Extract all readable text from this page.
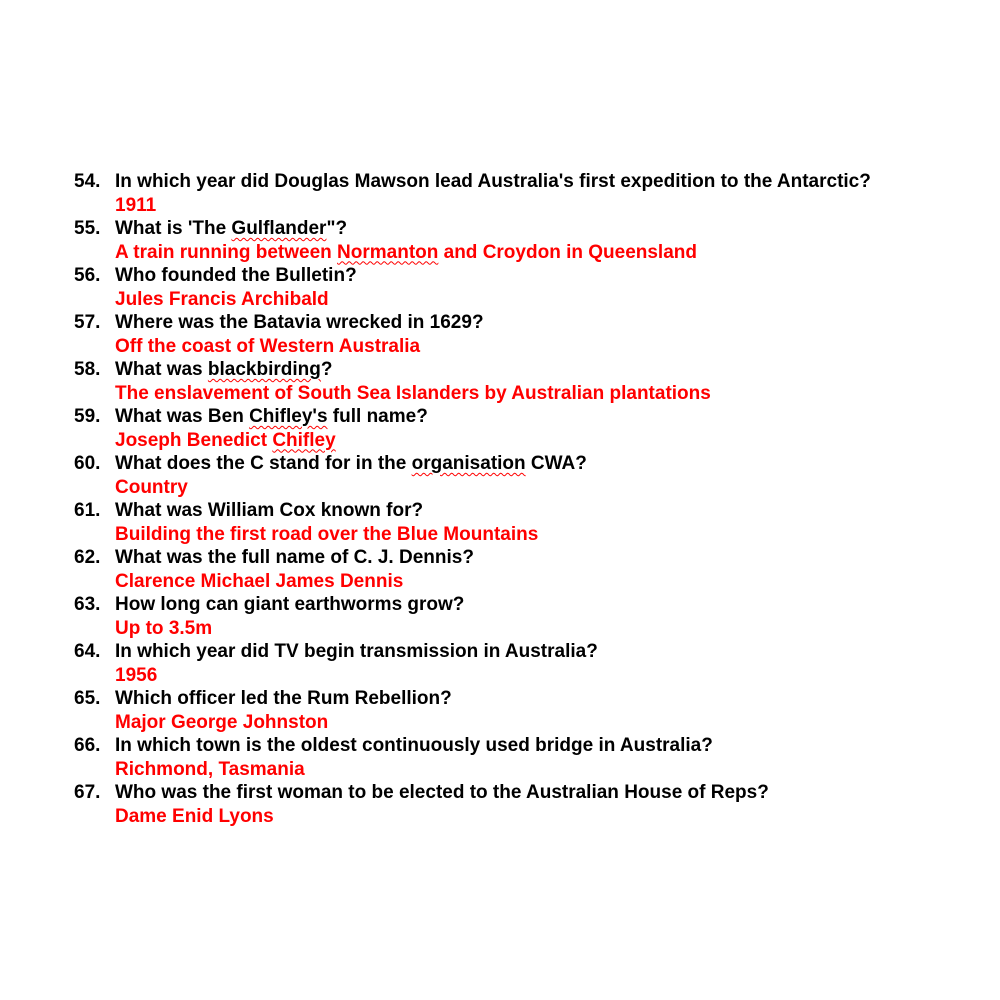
54. In which year did Douglas Mawson lead Australia's first expedition to the Antarctic?
1911
55. What is 'The Gulflander"?
A train running between Normanton and Croydon in Queensland
56. Who founded the Bulletin?
Jules Francis Archibald
57. Where was the Batavia wrecked in 1629?
Off the coast of Western Australia
58. What was blackbirding?
The enslavement of South Sea Islanders by Australian plantations
59. What was Ben Chifley's full name?
Joseph Benedict Chifley
60. What does the C stand for in the organisation CWA?
Country
61. What was William Cox known for?
Building the first road over the Blue Mountains
62. What was the full name of C. J. Dennis?
Clarence Michael James Dennis
63. How long can giant earthworms grow?
Up to 3.5m
64. In which year did TV begin transmission in Australia?
1956
65. Which officer led the Rum Rebellion?
Major George Johnston
66. In which town is the oldest continuously used bridge in Australia?
Richmond, Tasmania
67. Who was the first woman to be elected to the Australian House of Reps?
Dame Enid Lyons
